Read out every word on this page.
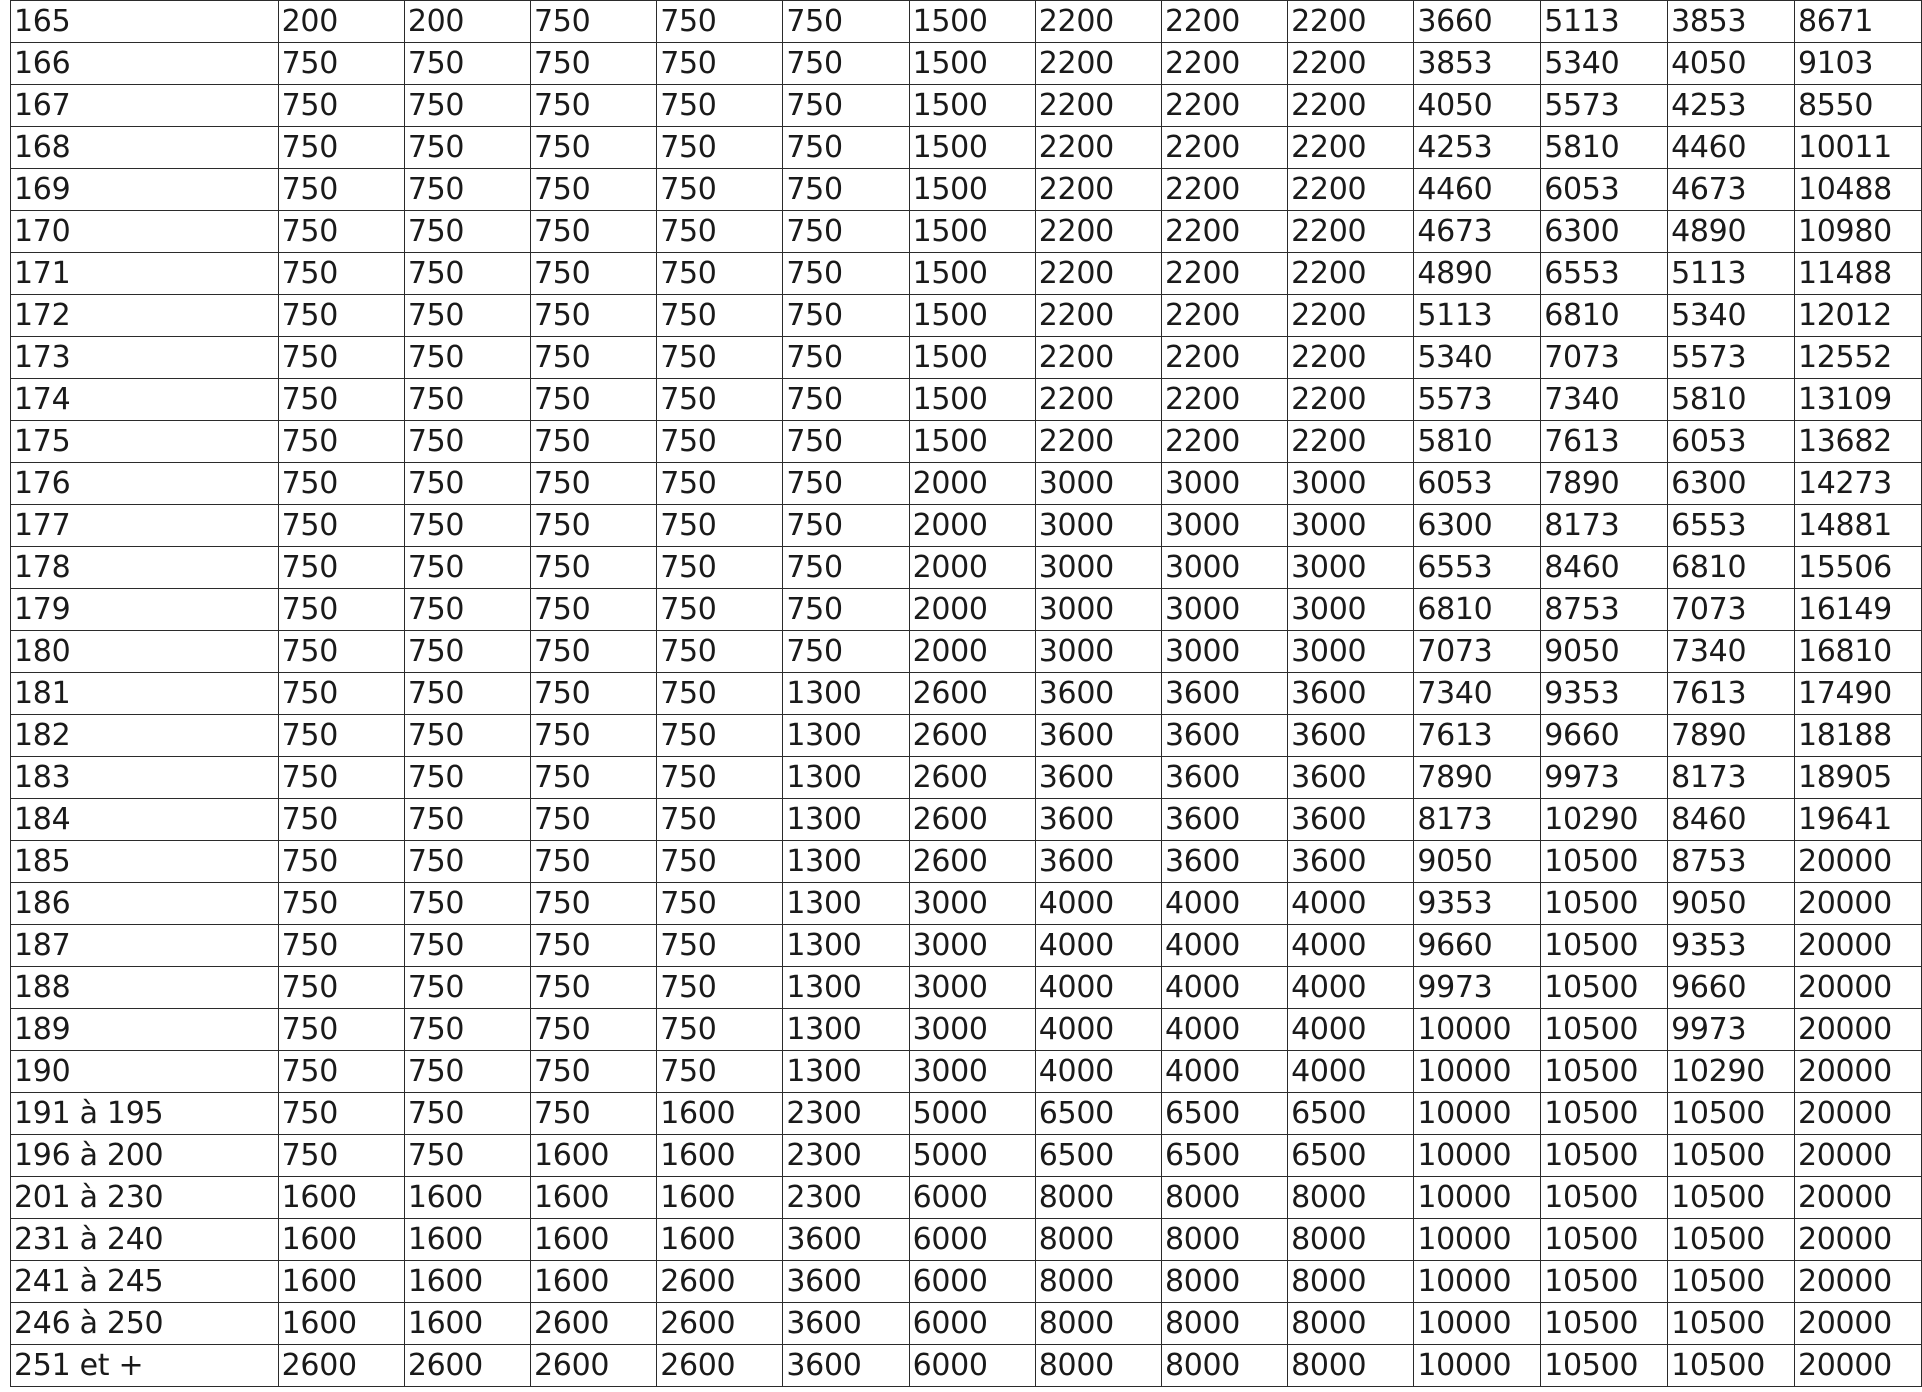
165	200	200	750	750	750	1500	2200	2200	2200	3660	5113	3853	8671
166	750	750	750	750	750	1500	2200	2200	2200	3853	5340	4050	9103
167	750	750	750	750	750	1500	2200	2200	2200	4050	5573	4253	8550
168	750	750	750	750	750	1500	2200	2200	2200	4253	5810	4460	10011
169	750	750	750	750	750	1500	2200	2200	2200	4460	6053	4673	10488
170	750	750	750	750	750	1500	2200	2200	2200	4673	6300	4890	10980
171	750	750	750	750	750	1500	2200	2200	2200	4890	6553	5113	11488
172	750	750	750	750	750	1500	2200	2200	2200	5113	6810	5340	12012
173	750	750	750	750	750	1500	2200	2200	2200	5340	7073	5573	12552
174	750	750	750	750	750	1500	2200	2200	2200	5573	7340	5810	13109
175	750	750	750	750	750	1500	2200	2200	2200	5810	7613	6053	13682
176	750	750	750	750	750	2000	3000	3000	3000	6053	7890	6300	14273
177	750	750	750	750	750	2000	3000	3000	3000	6300	8173	6553	14881
178	750	750	750	750	750	2000	3000	3000	3000	6553	8460	6810	15506
179	750	750	750	750	750	2000	3000	3000	3000	6810	8753	7073	16149
180	750	750	750	750	750	2000	3000	3000	3000	7073	9050	7340	16810
181	750	750	750	750	1300	2600	3600	3600	3600	7340	9353	7613	17490
182	750	750	750	750	1300	2600	3600	3600	3600	7613	9660	7890	18188
183	750	750	750	750	1300	2600	3600	3600	3600	7890	9973	8173	18905
184	750	750	750	750	1300	2600	3600	3600	3600	8173	10290	8460	19641
185	750	750	750	750	1300	2600	3600	3600	3600	9050	10500	8753	20000
186	750	750	750	750	1300	3000	4000	4000	4000	9353	10500	9050	20000
187	750	750	750	750	1300	3000	4000	4000	4000	9660	10500	9353	20000
188	750	750	750	750	1300	3000	4000	4000	4000	9973	10500	9660	20000
189	750	750	750	750	1300	3000	4000	4000	4000	10000	10500	9973	20000
190	750	750	750	750	1300	3000	4000	4000	4000	10000	10500	10290	20000
191 à 195	750	750	750	1600	2300	5000	6500	6500	6500	10000	10500	10500	20000
196 à 200	750	750	1600	1600	2300	5000	6500	6500	6500	10000	10500	10500	20000
201 à 230	1600	1600	1600	1600	2300	6000	8000	8000	8000	10000	10500	10500	20000
231 à 240	1600	1600	1600	1600	3600	6000	8000	8000	8000	10000	10500	10500	20000
241 à 245	1600	1600	1600	2600	3600	6000	8000	8000	8000	10000	10500	10500	20000
246 à 250	1600	1600	2600	2600	3600	6000	8000	8000	8000	10000	10500	10500	20000
251 et +	2600	2600	2600	2600	3600	6000	8000	8000	8000	10000	10500	10500	20000
